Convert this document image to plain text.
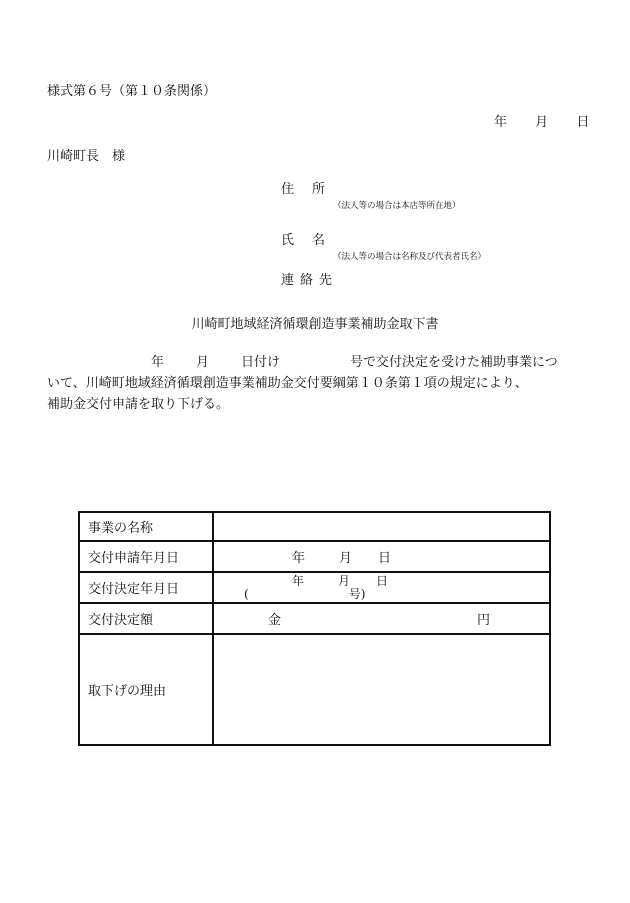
様式第６号（第１０条関係）
年 月 日
川崎町長　様
住所
（法人等の場合は本店等所在地）
氏名
（法人等の場合は名称及び代表者氏名）
連絡先
川崎町地域経済循環創造事業補助金取下書
年 月 日付け	号で交付決定を受けた補助事業につ
いて、川崎町地域経済循環創造事業補助金交付要綱第１０条第１項の規定により、
補助金交付申請を取り下げる。
事業の名称	
交付申請年月日	年 月 日
交付決定年月日	年 月 日
( 号)

交付決定額	金 円
取下げの理由	
